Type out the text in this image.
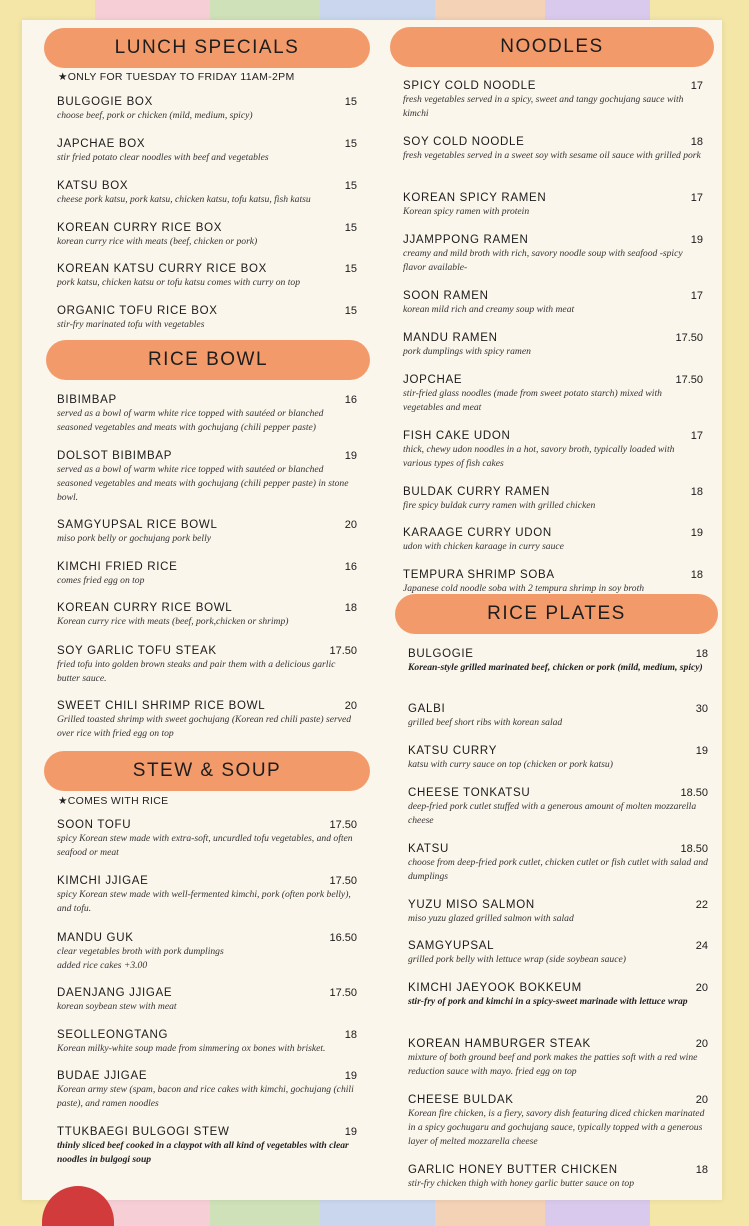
LUNCH SPECIALS
★ONLY FOR TUESDAY TO FRIDAY 11AM-2PM
BULGOGIE BOX	15
choose beef, pork or chicken (mild, medium, spicy)
JAPCHAE BOX	15
stir fried potato clear noodles with beef and vegetables
KATSU BOX	15
cheese pork katsu, pork katsu, chicken katsu, tofu katsu, fish katsu
KOREAN CURRY RICE BOX	15
korean curry rice with meats (beef, chicken or pork)
KOREAN KATSU CURRY RICE BOX	15
pork katsu, chicken katsu or tofu katsu comes with curry on top
ORGANIC TOFU RICE BOX	15
stir-fry marinated tofu with vegetables
RICE BOWL
BIBIMBAP	16
served as a bowl of warm white rice topped with sautéed or blanched seasoned vegetables and meats with gochujang (chili pepper paste)
DOLSOT BIBIMBAP	19
served as a bowl of warm white rice topped with sautéed or blanched seasoned vegetables and meats with gochujang (chili pepper paste) in stone bowl.
SAMGYUPSAL RICE BOWL	20
miso pork belly or gochujang pork belly
KIMCHI FRIED RICE	16
comes fried egg on top
KOREAN CURRY RICE BOWL	18
Korean curry rice with meats (beef, pork,chicken or shrimp)
SOY GARLIC TOFU STEAK	17.50
fried tofu into golden brown steaks and pair them with a delicious garlic butter sauce.
SWEET CHILI SHRIMP RICE BOWL	20
Grilled toasted shrimp with sweet gochujang (Korean red chili paste) served over rice with fried egg on top
STEW & SOUP
★COMES WITH RICE
SOON TOFU	17.50
spicy Korean stew made with extra-soft, uncurdled tofu vegetables, and often seafood or meat
KIMCHI JJIGAE	17.50
spicy Korean stew made with well-fermented kimchi, pork (often pork belly), and tofu.
MANDU GUK	16.50
clear vegetables broth with pork dumplings
added rice cakes +3.00
DAENJANG JJIGAE	17.50
korean soybean stew with meat
SEOLLEONGTANG	18
Korean milky-white soup made from simmering ox bones with brisket.
BUDAE JJIGAE	19
Korean army stew (spam, bacon and rice cakes with kimchi, gochujang (chili paste), and ramen noodles
TTUKBAEGI BULGOGI STEW	19
thinly sliced beef cooked in a claypot with all kind of vegetables with clear noodles in bulgogi soup
NOODLES
SPICY COLD NOODLE	17
fresh vegetables served in a spicy, sweet and tangy gochujang sauce with kimchi
SOY COLD NOODLE	18
fresh vegetables served in a sweet soy with sesame oil sauce with grilled pork
KOREAN SPICY RAMEN	17
Korean spicy ramen with protein
JJAMPPONG RAMEN	19
creamy and mild broth with rich, savory noodle soup with seafood -spicy flavor available-
SOON RAMEN	17
korean mild rich and creamy soup with meat
MANDU RAMEN	17.50
pork dumplings with spicy ramen
JOPCHAE	17.50
stir-fried glass noodles (made from sweet potato starch) mixed with vegetables and meat
FISH CAKE UDON	17
thick, chewy udon noodles in a hot, savory broth, typically loaded with various types of fish cakes
BULDAK CURRY RAMEN	18
fire spicy buldak curry ramen with grilled chicken
KARAAGE CURRY UDON	19
udon with chicken karaage in curry sauce
TEMPURA SHRIMP SOBA	18
Japanese cold noodle soba with 2 tempura shrimp in soy broth
RICE PLATES
BULGOGIE	18
Korean-style grilled marinated beef, chicken or pork (mild, medium, spicy)
GALBI	30
grilled beef short ribs with korean salad
KATSU CURRY	19
katsu with curry sauce on top (chicken or pork katsu)
CHEESE TONKATSU	18.50
deep-fried pork cutlet stuffed with a generous amount of molten mozzarella cheese
KATSU	18.50
choose from deep-fried pork cutlet, chicken cutlet or fish cutlet with salad and dumplings
YUZU MISO SALMON	22
miso yuzu glazed grilled salmon with salad
SAMGYUPSAL	24
grilled pork belly with lettuce wrap (side soybean sauce)
KIMCHI JAEYOOK BOKKEUM	20
stir-fry of pork and kimchi in a spicy-sweet marinade with lettuce wrap
KOREAN HAMBURGER STEAK	20
mixture of both ground beef and pork makes the patties soft with a red wine reduction sauce with mayo. fried egg on top
CHEESE BULDAK	20
Korean fire chicken, is a fiery, savory dish featuring diced chicken marinated in a spicy gochugaru and gochujang sauce, typically topped with a generous layer of melted mozzarella cheese
GARLIC HONEY BUTTER CHICKEN	18
stir-fry chicken thigh with honey garlic butter sauce on top
